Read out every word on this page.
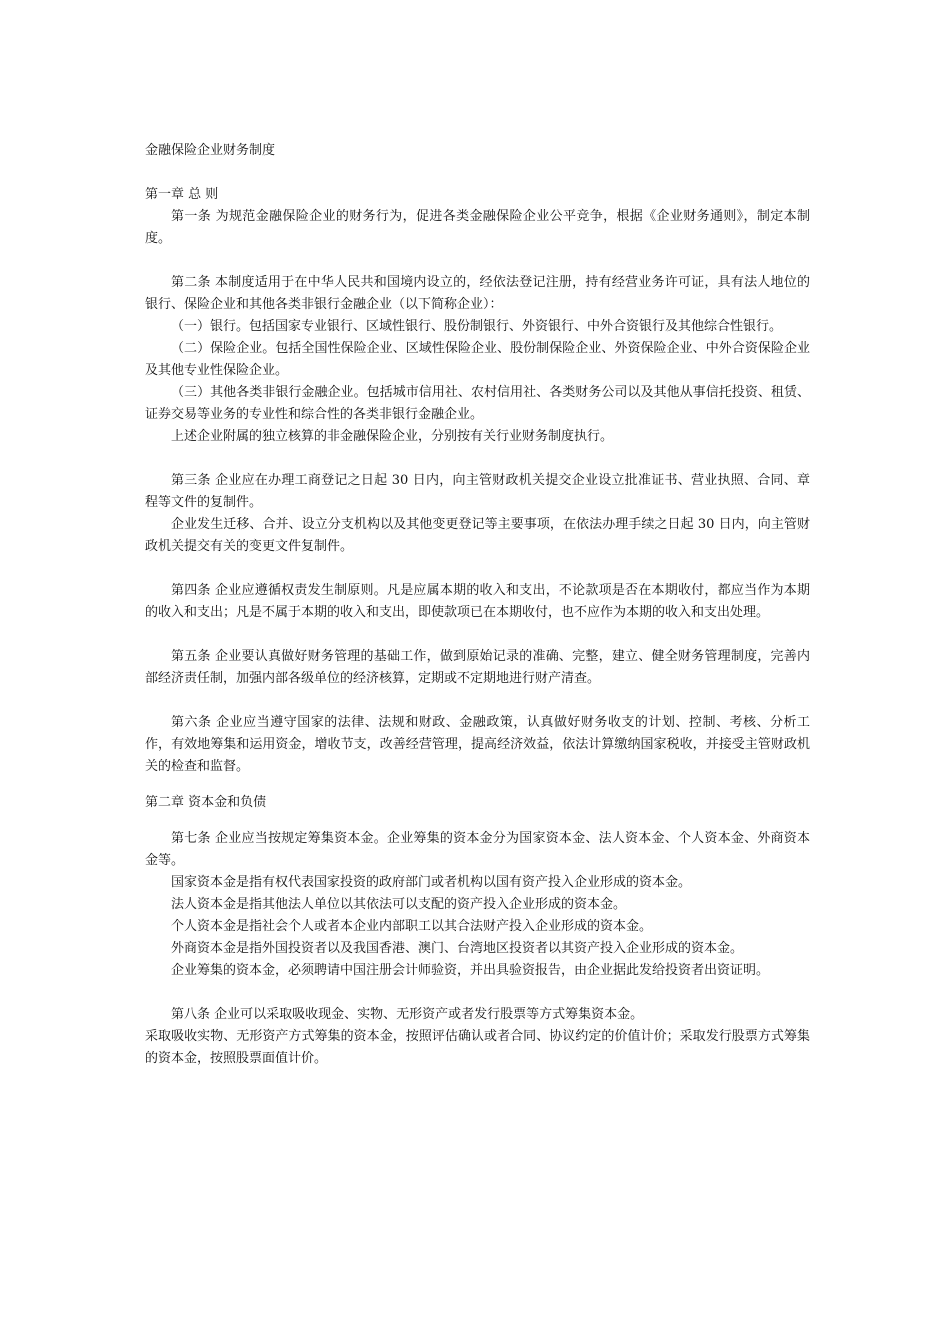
金融保险企业财务制度

第一章 总 则

第一条 为规范金融保险企业的财务行为，促进各类金融保险企业公平竞争，根据《企业财务通则》，制定本制度。

第二条 本制度适用于在中华人民共和国境内设立的，经依法登记注册，持有经营业务许可证，具有法人地位的银行、保险企业和其他各类非银行金融企业（以下简称企业）：

（一）银行。包括国家专业银行、区域性银行、股份制银行、外资银行、中外合资银行及其他综合性银行。

（二）保险企业。包括全国性保险企业、区域性保险企业、股份制保险企业、外资保险企业、中外合资保险企业及其他专业性保险企业。

（三）其他各类非银行金融企业。包括城市信用社、农村信用社、各类财务公司以及其他从事信托投资、租赁、证券交易等业务的专业性和综合性的各类非银行金融企业。

上述企业附属的独立核算的非金融保险企业，分别按有关行业财务制度执行。

第三条 企业应在办理工商登记之日起 30 日内，向主管财政机关提交企业设立批准证书、营业执照、合同、章程等文件的复制件。

企业发生迁移、合并、设立分支机构以及其他变更登记等主要事项，在依法办理手续之日起 30 日内，向主管财政机关提交有关的变更文件复制件。

第四条 企业应遵循权责发生制原则。凡是应属本期的收入和支出，不论款项是否在本期收付，都应当作为本期的收入和支出；凡是不属于本期的收入和支出，即使款项已在本期收付，也不应作为本期的收入和支出处理。

第五条 企业要认真做好财务管理的基础工作，做到原始记录的准确、完整，建立、健全财务管理制度，完善内部经济责任制，加强内部各级单位的经济核算，定期或不定期地进行财产清查。

第六条 企业应当遵守国家的法律、法规和财政、金融政策，认真做好财务收支的计划、控制、考核、分析工作，有效地筹集和运用资金，增收节支，改善经营管理，提高经济效益，依法计算缴纳国家税收，并接受主管财政机关的检查和监督。

第二章 资本金和负债

第七条 企业应当按规定筹集资本金。企业筹集的资本金分为国家资本金、法人资本金、个人资本金、外商资本金等。

国家资本金是指有权代表国家投资的政府部门或者机构以国有资产投入企业形成的资本金。

法人资本金是指其他法人单位以其依法可以支配的资产投入企业形成的资本金。

个人资本金是指社会个人或者本企业内部职工以其合法财产投入企业形成的资本金。

外商资本金是指外国投资者以及我国香港、澳门、台湾地区投资者以其资产投入企业形成的资本金。

企业筹集的资本金，必须聘请中国注册会计师验资，并出具验资报告，由企业据此发给投资者出资证明。

第八条 企业可以采取吸收现金、实物、无形资产或者发行股票等方式筹集资本金。

采取吸收实物、无形资产方式筹集的资本金，按照评估确认或者合同、协议约定的价值计价；采取发行股票方式筹集的资本金，按照股票面值计价。
